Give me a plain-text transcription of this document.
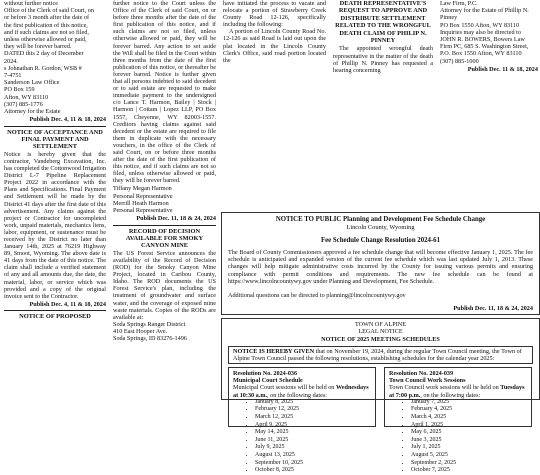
without further notice
Office of the Clerk of said Court, on
or before 3 month after the date of
the first publication of this notice,
and if such claims are not so filed,
unless otherwise allowed or paid,
they will be forever barred.
DATED this 2 day of December
2024.
s Johnathan R. Gordon, WSB #
7-4751
Sanderson Law Office
PO Box 159
Afton, WY 83110
(307) 885-1776
Attorney for the Estate
Publish Dec. 4, 11 & 18, 2024
NOTICE OF ACCEPTANCE AND FINAL PAYMENT AND SETTLEMENT
Notice is hereby given that the contractor, Vandeberg Excavation, Inc. has completed the Cottonwood Irrigation District L-7 Pipeline Replacement Project 2022 in accordance with the Plans and Specifications. Final Payment and Settlement will be made by the District 41 days after the first date of this advertisement. Any claims against the project or Contractor for uncompleted work, unpaid materials, mechanics liens, labor, equipment, or sustenance must be received by the District no later than January 14th, 2025 at 76219 Highway 89, Smoot, Wyoming. The above date is 41 days from the date of this notice. The claim shall include a verified statement of any and all amounts due, the date, the material, labor, or service which was provided and a copy of the original invoice sent to the Contractor.
Publish Dec. 4, 11 & 18, 2024
NOTICE OF PROPOSED
further notice to the Court unless the Office of the Clerk of said Court, on or before three months after the date of the first publication of this notice, and if such claims are not so filed, unless otherwise allowed or paid, they will be forever barred. Any action to set aside the Will shall be filed in the Court within three months from the date of the first publication of this notice, or thereafter be forever barred. Notice is further given that all persons indebted to said decedent or to said estate are requested to make immediate payment to the undersigned c/o Lance T. Harmon, Bailey | Stock | Harmon | Cottam | Lopez LLP, PO Box 1557, Cheyenne, WY 82003-1557. Creditors having claims against said decedent or the estate are required to file them in duplicate with the necessary vouchers, in the office of the Clerk of said Court, on or before three months after the date of the first publication of this notice, and if such claims are not so filed, unless otherwise allowed or paid, they will be forever barred.
Tiffany Megan Harmon
Personal Representative
Merrill Heath Harmon
Personal Representative
Publish Dec. 11, 18 & 24, 2024
RECORD OF DECISION AVAILABLE FOR SMOKY CANYON MINE
The US Forest Service announces the availability of the Record of Decision (ROD) for the Smoky Canyon Mine Project, located in Caribou County, Idaho. The ROD documents the US Forest Service's plan, including the treatment of groundwater and surface water, and the coverage of exposed mine waste materials. Copies of the RODs are available at:
Soda Springs Ranger District
410 East Hooper Ave.
Soda Springs, ID 83276-1496
have initiated the process to vacate and relocate a portion of Strawberry Creek County Road 12-126, specifically including the following:
A portion of Lincoln County Road No. 12-126 as said Road is laid out upon the plat located in the Lincoln County Clerk's Office, said road portion located the
DEATH REPRESENTATIVE'S REQUEST TO APPROVE AND DISTRIBUTE SETTLEMENT RELATED TO THE WRONGFUL DEATH CLAIM OF PHILIP N. PINNEY
The appointed wrongful death representative in the matter of the death of Phillip N. Pinney has requested a hearing concerning
Law Firm, P.C.
Attorney for the Estate of Phillip N.
Pinney
PO Box 1550 Afton, WY 83110
Inquiries may also be directed to
JOHN R. BOWERS, Bowers Law
Firm PC, 685 S. Washington Street,
P.O. Box 1550 Afton, WY 83110
(307) 885-1000
Publish Dec. 11 & 18, 2024
NOTICE TO PUBLIC Planning and Development Fee Schedule Change
Lincoln County, Wyoming
Fee Schedule Change Resolution 2024-61
The Board of County Commissioners approved a fee schedule change that will become effective January 1, 2025. The fee schedule is anticipated and expanded version of the current fee schedule which was last updated July 1, 2013. These changes will help mitigate administrative costs incurred by the County for issuing various permits and ensuring compliance with permit conditions and requirements. The new fee schedule can be found at https://www.lincolncountywy.gov under Planning and Development, Fee Schedule.
Additional questions can be directed to planning@lincolncountywy.gov
Publish Dec. 11, 18 & 24, 2024
TOWN OF ALPINE
LEGAL NOTICE
NOTICE OF 2025 MEETING SCHEDULES
NOTICE IS HEREBY GIVEN that on November 19, 2024, during the regular Town Council meeting, the Town of Alpine Town Council passed the following resolutions, establishing schedules for the calendar year 2025:
Resolution No. 2024-036
Municipal Court Schedule
Municipal Court sessions will be held on Wednesdays
at 10:30 a.m., on the following dates:
• January 8, 2025
• February 12, 2025
• March 12, 2025
• April 9, 2025
• May 14, 2025
• June 11, 2025
• July 9, 2025
• August 13, 2025
• September 10, 2025
• October 8, 2025
Resolution No. 2024-039
Town Council Work Sessions
Town Council work sessions will be held on Tuesdays
at 7:00 p.m., on the following dates:
• January 7, 2025
• February 4, 2025
• March 4, 2025
• April 1, 2025
• May 6, 2025
• June 3, 2025
• July 1, 2025
• August 5, 2025
• September 2, 2025
• October 7, 2025
